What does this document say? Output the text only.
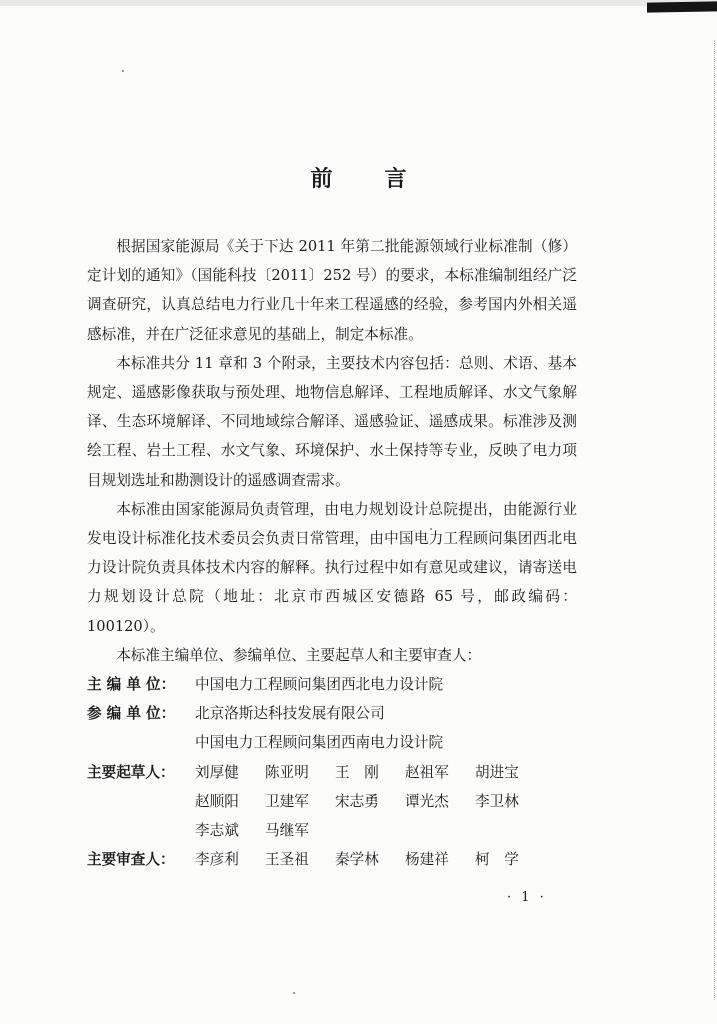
前 言

根据国家能源局《关于下达 2011 年第二批能源领域行业标准制（修）定计划的通知》（国能科技〔2011〕252 号）的要求，本标准编制组经广泛调查研究，认真总结电力行业几十年来工程遥感的经验，参考国内外相关遥感标准，并在广泛征求意见的基础上，制定本标准。

本标准共分 11 章和 3 个附录，主要技术内容包括：总则、术语、基本规定、遥感影像获取与预处理、地物信息解译、工程地质解译、水文气象解译、生态环境解译、不同地域综合解译、遥感验证、遥感成果。标准涉及测绘工程、岩土工程、水文气象、环境保护、水土保持等专业，反映了电力项目规划选址和勘测设计的遥感调查需求。

本标准由国家能源局负责管理，由电力规划设计总院提出，由能源行业发电设计标准化技术委员会负责日常管理，由中国电力工程顾问集团西北电力设计院负责具体技术内容的解释。执行过程中如有意见或建议，请寄送电力规划设计总院（地址：北京市西城区安德路 65 号，邮政编码：100120）。

本标准主编单位、参编单位、主要起草人和主要审查人：

主 编 单 位：	中国电力工程顾问集团西北电力设计院
参 编 单 位：	北京洛斯达科技发展有限公司
中国电力工程顾问集团西南电力设计院
主要起草人：	刘厚健	陈亚明	王　刚	赵祖军	胡进宝
赵顺阳	卫建军	宋志勇	谭光杰	李卫林
李志斌	马继军
主要审查人：	李彦利	王圣祖	秦学林	杨建祥	柯　学
· 1 ·
